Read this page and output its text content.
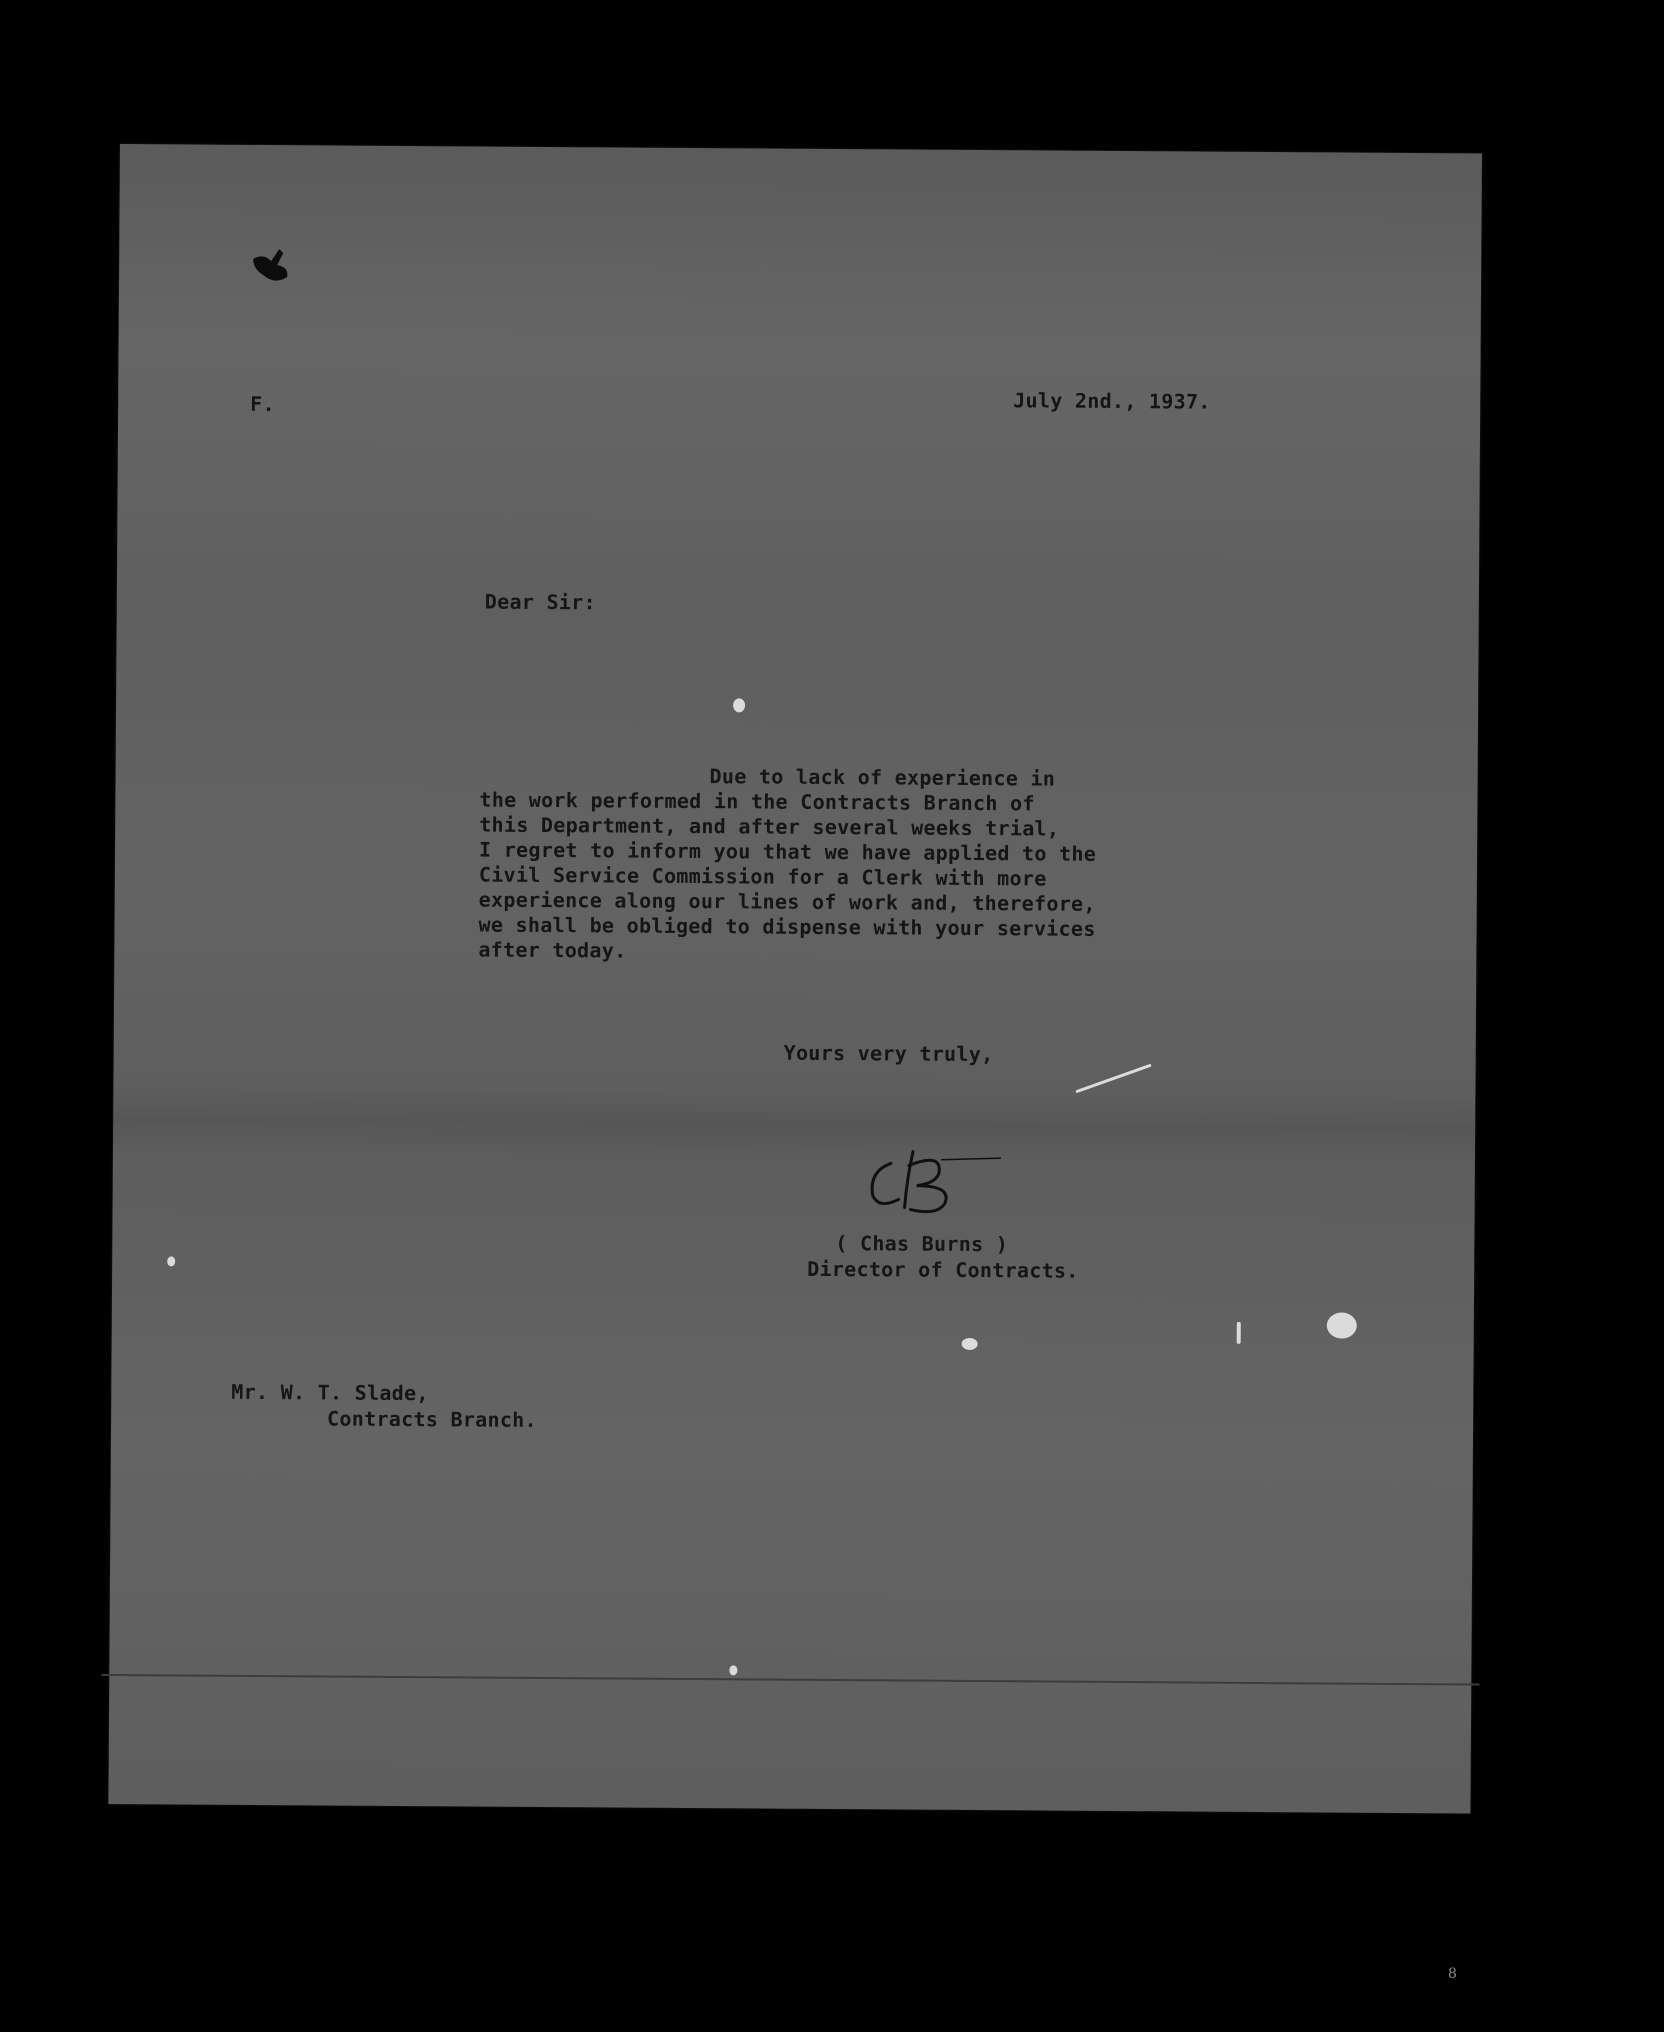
F.	July 2nd., 1937.
Dear Sir:
Due to lack of experience in
the work performed in the Contracts Branch of
this Department, and after several weeks trial,
I regret to inform you that we have applied to the
Civil Service Commission for a Clerk with more
experience along our lines of work and, therefore,
we shall be obliged to dispense with your services
after today.
Yours very truly,
( Chas Burns )
Director of Contracts.
Mr. W. T. Slade,
Contracts Branch.
8
